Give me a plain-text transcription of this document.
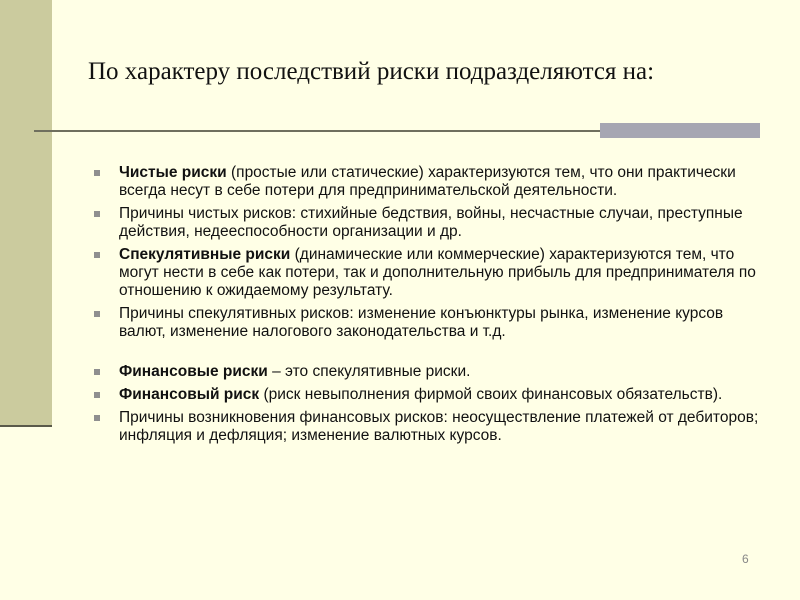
По характеру последствий риски подразделяются на:

Чистые риски (простые или статические) характеризуются тем, что они практически всегда несут в себе потери для предпринимательской деятельности.

Причины чистых рисков: стихийные бедствия, войны, несчастные случаи, преступные действия, недееспособности организации и др.

Спекулятивные риски (динамические или коммерческие) характеризуются тем, что могут нести в себе как потери, так и дополнительную прибыль для предпринимателя по отношению к ожидаемому результату.

Причины спекулятивных рисков: изменение конъюнктуры рынка, изменение курсов валют, изменение налогового законодательства и т.д.

Финансовые риски – это спекулятивные риски.

Финансовый риск (риск невыполнения фирмой своих финансовых обязательств).

Причины возникновения финансовых рисков: неосуществление платежей от дебиторов; инфляция и дефляция; изменение валютных курсов.

6
